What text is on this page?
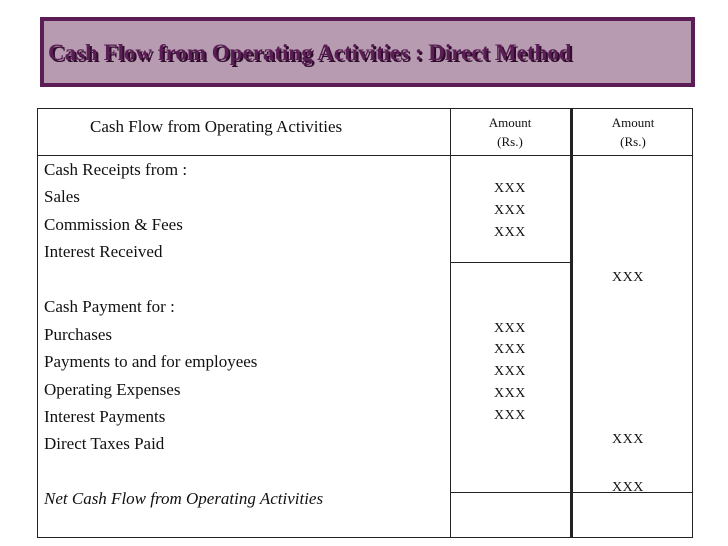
Cash Flow from Operating Activities : Direct Method
Cash Flow from Operating Activities	Amount
(Rs.)
Amount
(Rs.)
Cash Receipts from :
Sales
Commission & Fees
Interest Received
XXX
XXX
XXX
XXX
Cash Payment for :
Purchases
Payments to and for employees
Operating Expenses
Interest Payments
Direct Taxes Paid
XXX
XXX
XXX
XXX
XXX
XXX
Net Cash Flow from Operating Activities
XXX
